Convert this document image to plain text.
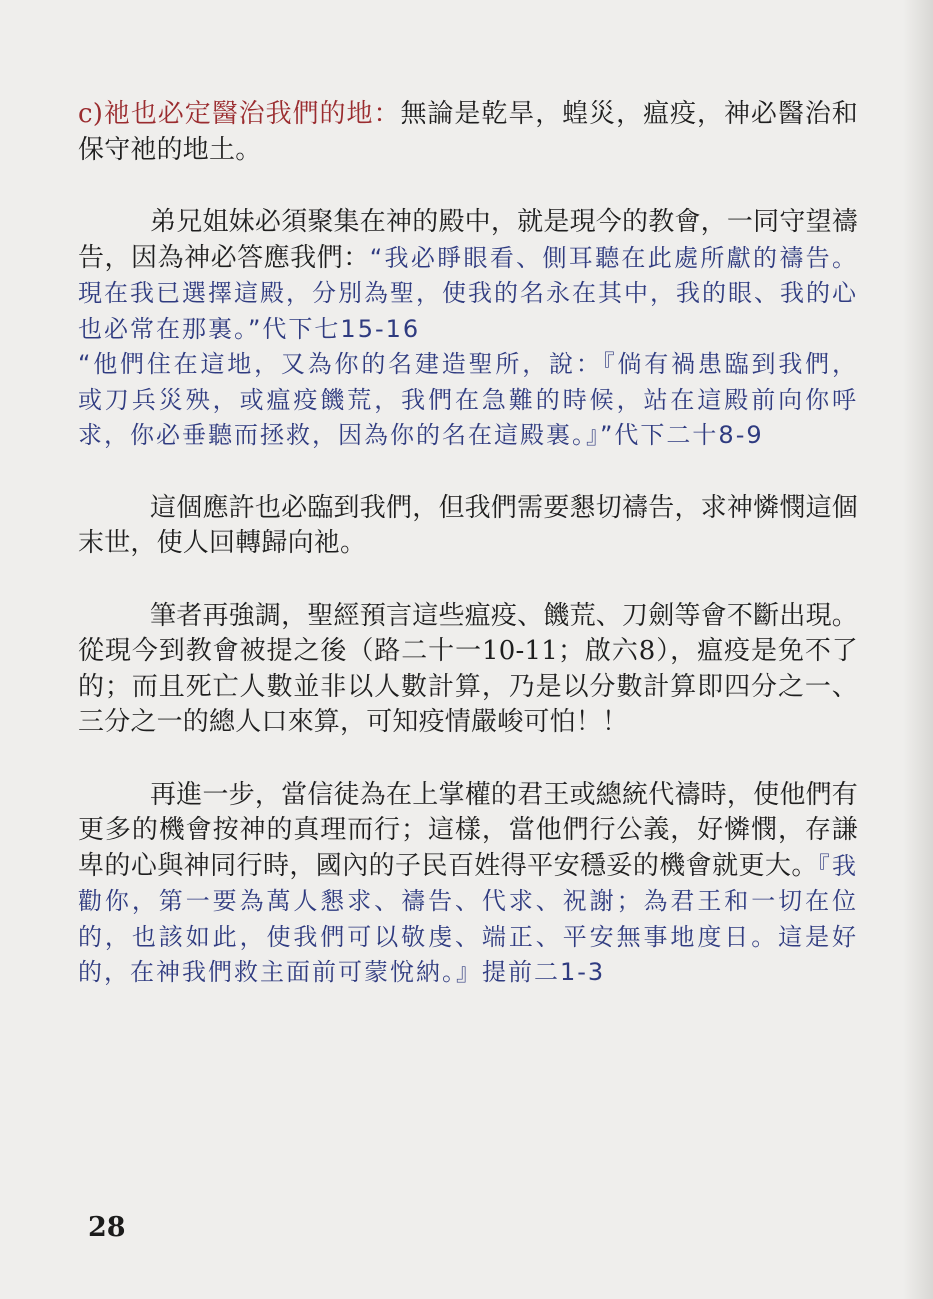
c)祂也必定醫治我們的地：無論是乾旱，蝗災，瘟疫，神必醫治和保守祂的地土。

弟兄姐妹必須聚集在神的殿中，就是現今的教會，一同守望禱告，因為神必答應我們：“我必睜眼看、側耳聽在此處所獻的禱告。現在我已選擇這殿，分別為聖，使我的名永在其中，我的眼、我的心也必常在那裏。”代下七15-16

“他們住在這地，又為你的名建造聖所，說：『倘有禍患臨到我們，或刀兵災殃，或瘟疫饑荒，我們在急難的時候，站在這殿前向你呼求，你必垂聽而拯救，因為你的名在這殿裏。』”代下二十8-9

這個應許也必臨到我們，但我們需要懇切禱告，求神憐憫這個末世，使人回轉歸向祂。

筆者再強調，聖經預言這些瘟疫、饑荒、刀劍等會不斷出現。從現今到教會被提之後（路二十一10-11；啟六8），瘟疫是免不了的；而且死亡人數並非以人數計算，乃是以分數計算即四分之一、三分之一的總人口來算，可知疫情嚴峻可怕！！

再進一步，當信徒為在上掌權的君王或總統代禱時，使他們有更多的機會按神的真理而行；這樣，當他們行公義，好憐憫，存謙卑的心與神同行時，國內的子民百姓得平安穩妥的機會就更大。『我勸你，第一要為萬人懇求、禱告、代求、祝謝；為君王和一切在位的，也該如此，使我們可以敬虔、端正、平安無事地度日。這是好的，在神我們救主面前可蒙悅納。』提前二1-3

28
